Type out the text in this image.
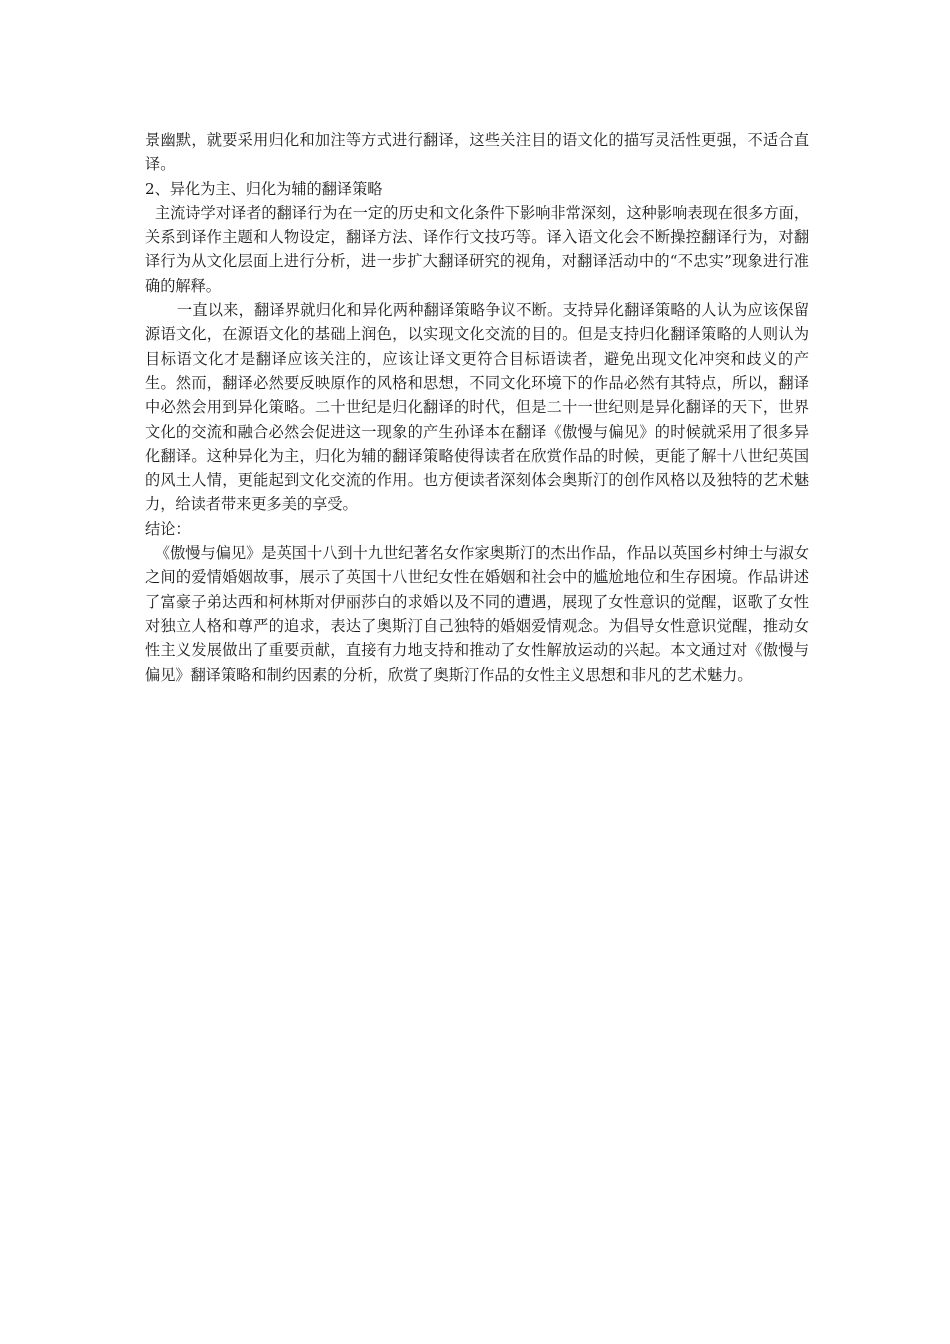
景幽默，就要采用归化和加注等方式进行翻译，这些关注目的语文化的描写灵活性更强，不适合直译。

2、异化为主、归化为辅的翻译策略

主流诗学对译者的翻译行为在一定的历史和文化条件下影响非常深刻，这种影响表现在很多方面，关系到译作主题和人物设定，翻译方法、译作行文技巧等。译入语文化会不断操控翻译行为，对翻译行为从文化层面上进行分析，进一步扩大翻译研究的视角，对翻译活动中的“不忠实”现象进行准确的解释。

一直以来，翻译界就归化和异化两种翻译策略争议不断。支持异化翻译策略的人认为应该保留源语文化，在源语文化的基础上润色，以实现文化交流的目的。但是支持归化翻译策略的人则认为目标语文化才是翻译应该关注的，应该让译文更符合目标语读者，避免出现文化冲突和歧义的产生。然而，翻译必然要反映原作的风格和思想，不同文化环境下的作品必然有其特点，所以，翻译中必然会用到异化策略。二十世纪是归化翻译的时代，但是二十一世纪则是异化翻译的天下，世界文化的交流和融合必然会促进这一现象的产生孙译本在翻译《傲慢与偏见》的时候就采用了很多异化翻译。这种异化为主，归化为辅的翻译策略使得读者在欣赏作品的时候，更能了解十八世纪英国的风土人情，更能起到文化交流的作用。也方便读者深刻体会奥斯汀的创作风格以及独特的艺术魅力，给读者带来更多美的享受。

结论：

《傲慢与偏见》是英国十八到十九世纪著名女作家奥斯汀的杰出作品，作品以英国乡村绅士与淑女之间的爱情婚姻故事，展示了英国十八世纪女性在婚姻和社会中的尴尬地位和生存困境。作品讲述了富豪子弟达西和柯林斯对伊丽莎白的求婚以及不同的遭遇，展现了女性意识的觉醒，讴歌了女性对独立人格和尊严的追求，表达了奥斯汀自己独特的婚姻爱情观念。为倡导女性意识觉醒，推动女性主义发展做出了重要贡献，直接有力地支持和推动了女性解放运动的兴起。本文通过对《傲慢与偏见》翻译策略和制约因素的分析，欣赏了奥斯汀作品的女性主义思想和非凡的艺术魅力。
